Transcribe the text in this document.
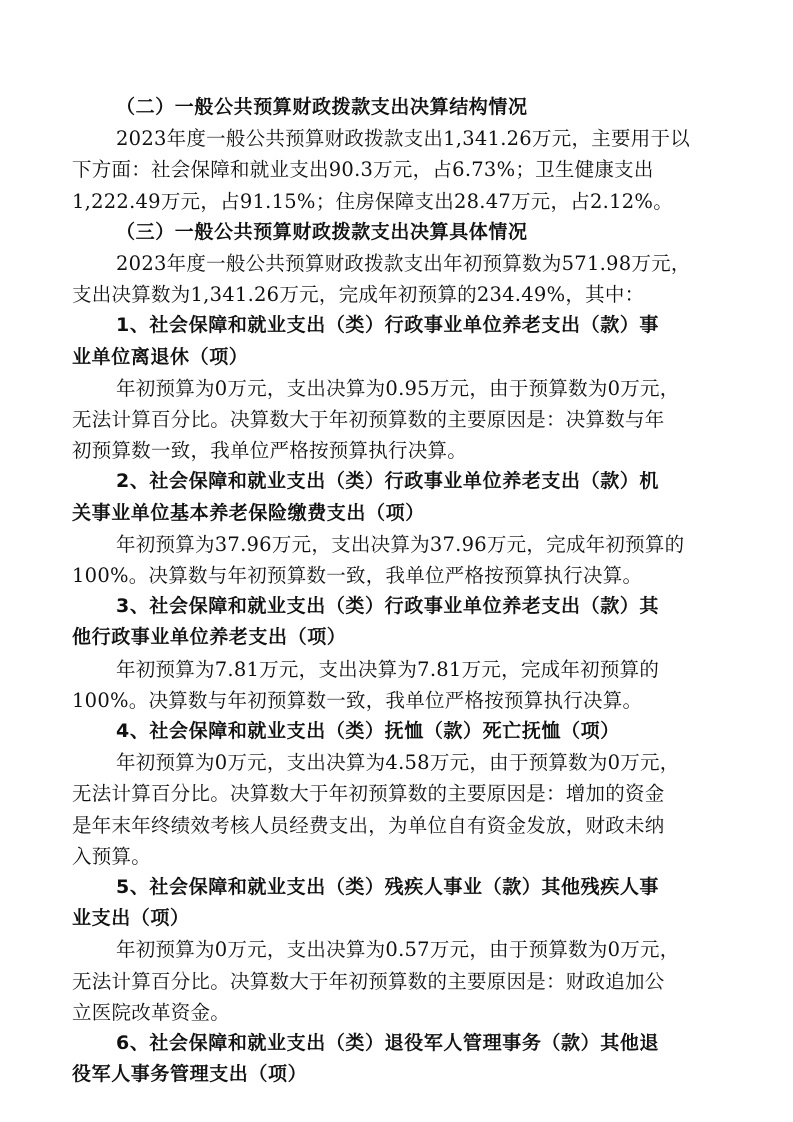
（二）一般公共预算财政拨款支出决算结构情况
2023年度一般公共预算财政拨款支出1,341.26万元，主要用于以
下方面：社会保障和就业支出90.3万元，占6.73%；卫生健康支出
1,222.49万元，占91.15%；住房保障支出28.47万元，占2.12%。
（三）一般公共预算财政拨款支出决算具体情况
2023年度一般公共预算财政拨款支出年初预算数为571.98万元，
支出决算数为1,341.26万元，完成年初预算的234.49%，其中：
1、社会保障和就业支出（类）行政事业单位养老支出（款）事
业单位离退休（项）
年初预算为0万元，支出决算为0.95万元，由于预算数为0万元，
无法计算百分比。决算数大于年初预算数的主要原因是：决算数与年
初预算数一致，我单位严格按预算执行决算。
2、社会保障和就业支出（类）行政事业单位养老支出（款）机
关事业单位基本养老保险缴费支出（项）
年初预算为37.96万元，支出决算为37.96万元，完成年初预算的
100%。决算数与年初预算数一致，我单位严格按预算执行决算。
3、社会保障和就业支出（类）行政事业单位养老支出（款）其
他行政事业单位养老支出（项）
年初预算为7.81万元，支出决算为7.81万元，完成年初预算的
100%。决算数与年初预算数一致，我单位严格按预算执行决算。
4、社会保障和就业支出（类）抚恤（款）死亡抚恤（项）
年初预算为0万元，支出决算为4.58万元，由于预算数为0万元，
无法计算百分比。决算数大于年初预算数的主要原因是：增加的资金
是年末年终绩效考核人员经费支出，为单位自有资金发放，财政未纳
入预算。
5、社会保障和就业支出（类）残疾人事业（款）其他残疾人事
业支出（项）
年初预算为0万元，支出决算为0.57万元，由于预算数为0万元，
无法计算百分比。决算数大于年初预算数的主要原因是：财政追加公
立医院改革资金。
6、社会保障和就业支出（类）退役军人管理事务（款）其他退
役军人事务管理支出（项）
